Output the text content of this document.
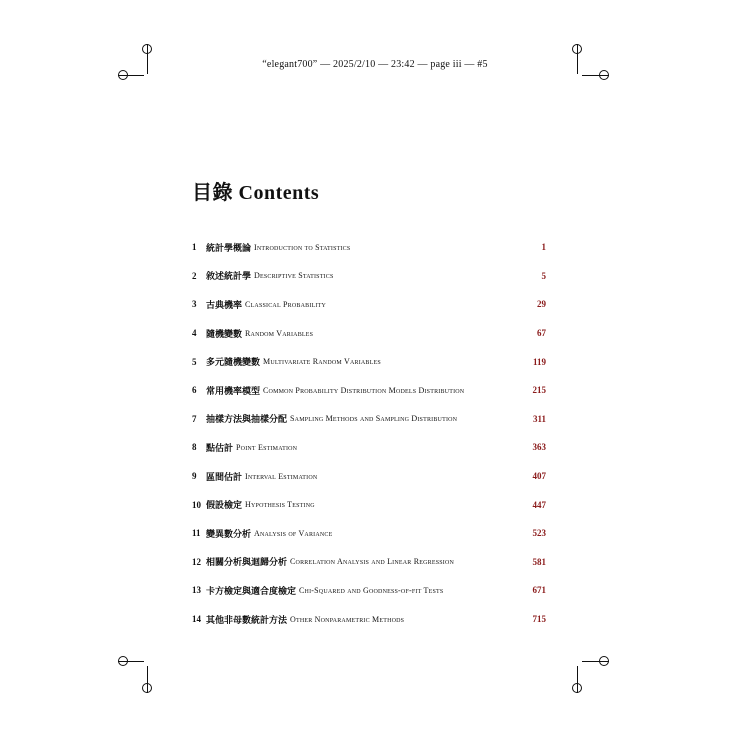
“elegant700” — 2025/2/10 — 23:42 — page iii — #5
目錄 Contents
1	統計學概論 Introduction to Statistics	1
2	敘述統計學 Descriptive Statistics	5
3	古典機率 Classical Probability	29
4	隨機變數 Random Variables	67
5	多元隨機變數 Multivariate Random Variables	119
6	常用機率模型 Common Probability Distribution Models Distribution	215
7	抽樣方法與抽樣分配 Sampling Methods and Sampling Distribution	311
8	點估計 Point Estimation	363
9	區間估計 Interval Estimation	407
10 假設檢定 Hypothesis Testing	447
11 變異數分析 Analysis of Variance	523
12 相關分析與迴歸分析 Correlation Analysis and Linear Regression	581
13 卡方檢定與適合度檢定 Chi-Squared and Goodness-of-fit Tests	671
14 其他非母數統計方法 Other Nonparametric Methods	715
